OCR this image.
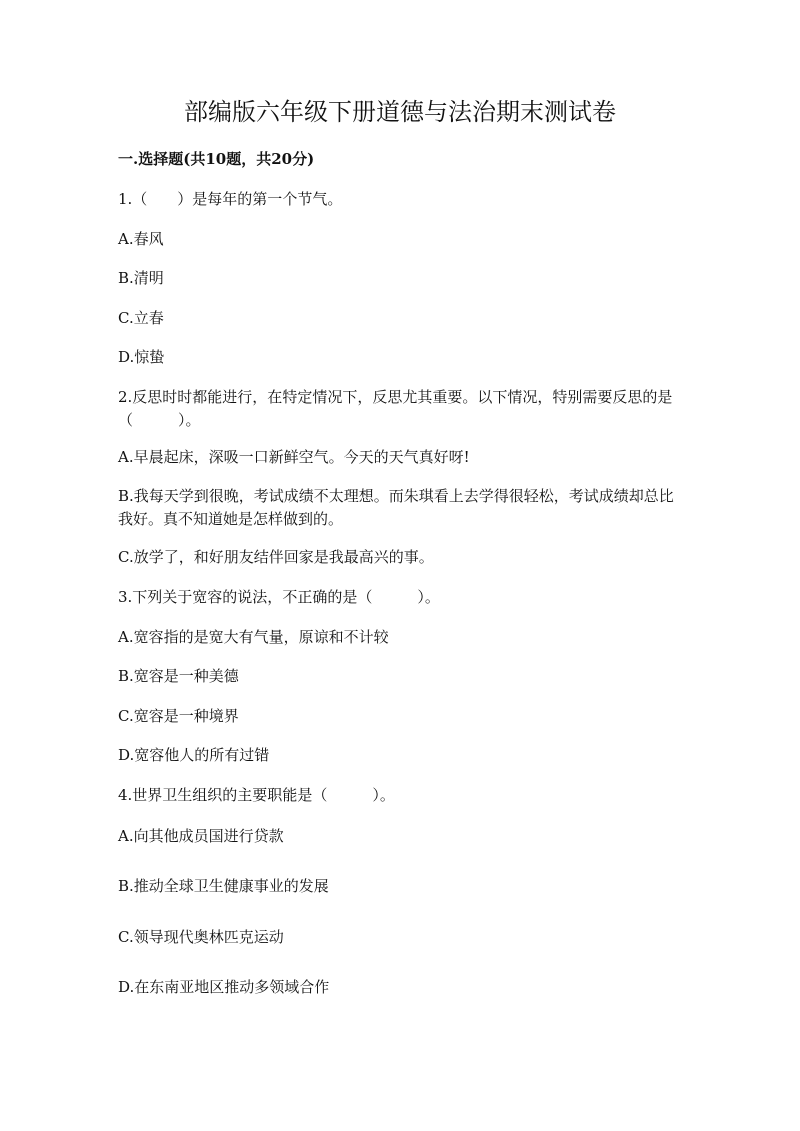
部编版六年级下册道德与法治期末测试卷
一.选择题(共10题，共20分)
1.（　　）是每年的第一个节气。
A.春风
B.清明
C.立春
D.惊蛰
2.反思时时都能进行，在特定情况下，反思尤其重要。以下情况，特别需要反思的是（　　　）。
A.早晨起床，深吸一口新鲜空气。今天的天气真好呀!
B.我每天学到很晚，考试成绩不太理想。而朱琪看上去学得很轻松，考试成绩却总比我好。真不知道她是怎样做到的。
C.放学了，和好朋友结伴回家是我最高兴的事。
3.下列关于宽容的说法，不正确的是（　　　）。
A.宽容指的是宽大有气量，原谅和不计较
B.宽容是一种美德
C.宽容是一种境界
D.宽容他人的所有过错
4.世界卫生组织的主要职能是（　　　）。
A.向其他成员国进行贷款
B.推动全球卫生健康事业的发展
C.领导现代奥林匹克运动
D.在东南亚地区推动多领域合作
